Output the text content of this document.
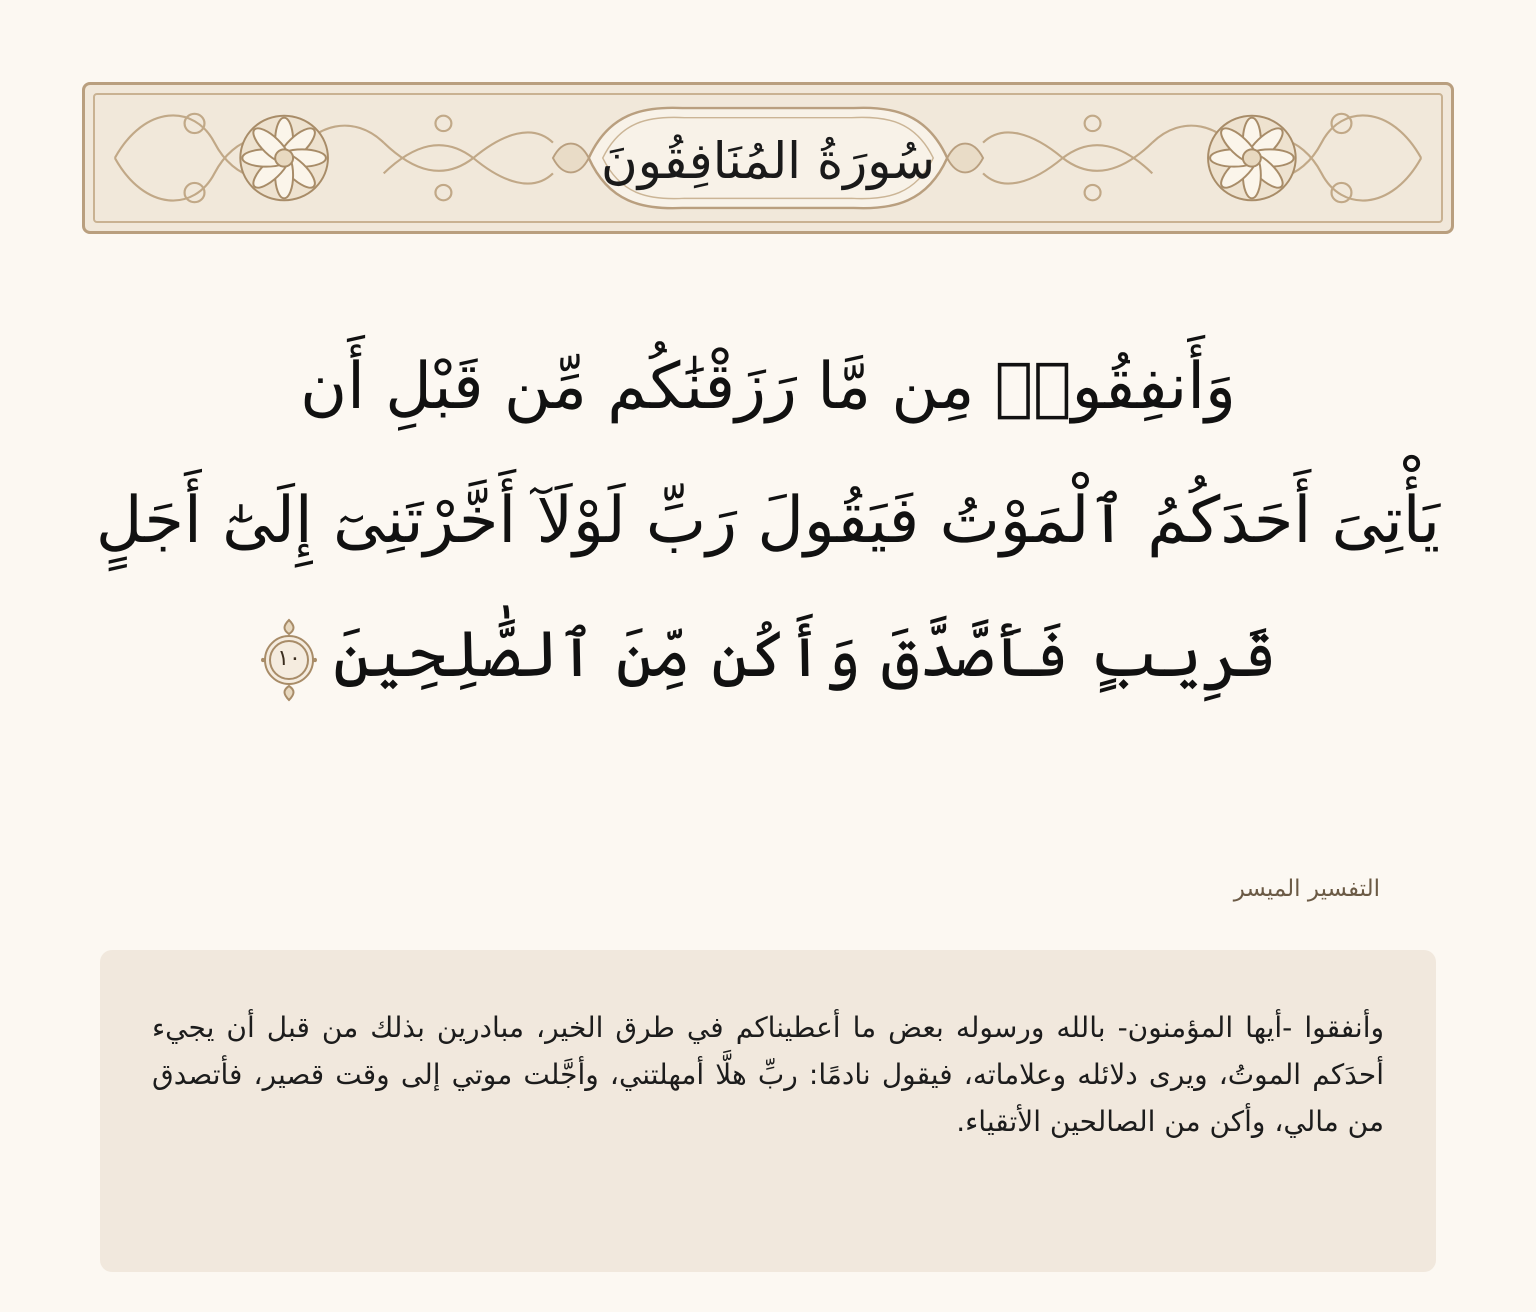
سُورَةُ المُنَافِقُونَ
وَأَنفِقُوا۟ مِن مَّا رَزَقْنَٰكُم مِّن قَبْلِ أَن
يَأْتِىَ أَحَدَكُمُ ٱلْمَوْتُ فَيَقُولَ رَبِّ لَوْلَآ أَخَّرْتَنِىٓ إِلَىٰٓ أَجَلٍ
قَرِيبٍ فَأَصَّدَّقَ وَأَكُن مِّنَ ٱلصَّٰلِحِينَ
١٠
التفسير الميسر

وأنفقوا -أيها المؤمنون- بالله ورسوله بعض ما أعطيناكم في طرق الخير، مبادرين بذلك من قبل أن يجيء أحدَكم الموتُ، ويرى دلائله وعلاماته، فيقول نادمًا: ربِّ هلَّا أمهلتني، وأجَّلت موتي إلى وقت قصير، فأتصدق من مالي، وأكن من الصالحين الأتقياء.
